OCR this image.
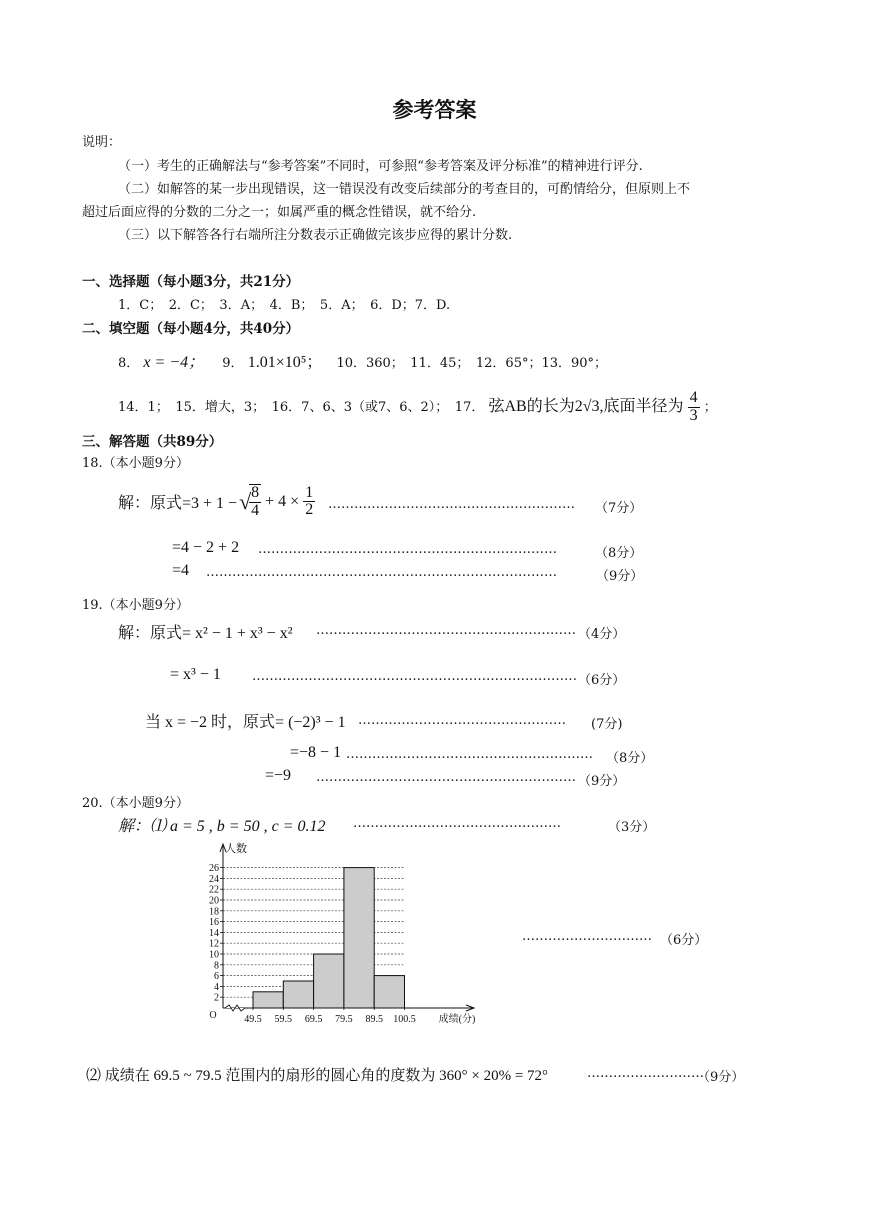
参考答案
说明：
（一）考生的正确解法与“参考答案”不同时，可参照“参考答案及评分标准”的精神进行评分.
（二）如解答的某一步出现错误，这一错误没有改变后续部分的考查目的，可酌情给分，但原则上不
超过后面应得的分数的二分之一；如属严重的概念性错误，就不给分.
（三）以下解答各行右端所注分数表示正确做完该步应得的累计分数.
一、选择题（每小题3分，共21分）
1．C；　2．C；　3．A；　4．B；　5．A；　6．D；7．D.
二、填空题（每小题4分，共40分）
8． x = −4； 9． 1.01×10⁵； 10．360；　11．45；　12．65°；13．90°；
14．1；　15．增大，3；　16．7、6、3（或7、6、2）；　17． 弦AB的长为2√3,底面半径为 $\frac{4}{3}$ ；
三、解答题（共89分）
18.（本小题9分）
解：原式=3 + 1 − √
$\frac{8}{4} + 4 \times \frac{1}{2}$ ………………………………………………… （7分）
=4 − 2 + 2 ……………………………………………………………	（8分）
=4 ………………………………………………………………………	（9分）
19.（本小题9分）
解：原式= x² − 1 + x³ − x² …………………………………………………… （4分）
= x³ − 1 ………………………………………………………………… （6分）
当 x = −2 时，原式= (−2)³ − 1 ………………………………………… (7分)
=−8 − 1 ………………………………………………… （8分）
=−9 …………………………………………………… （9分）
20.（本小题9分）
解：⑴ a = 5 , b = 50 , c = 0.12 …………………………………………	（3分）
2
4
6
8
10
12
14
16
18
20
22
24
26
人数
O	49.5 59.5 69.5 79.5 89.5 100.5 成绩(分)
………………………… （6分）
⑵ 成绩在 69.5 ~ 79.5 范围内的扇形的圆心角的度数为 360° × 20% = 72°	………………………
（9分）
